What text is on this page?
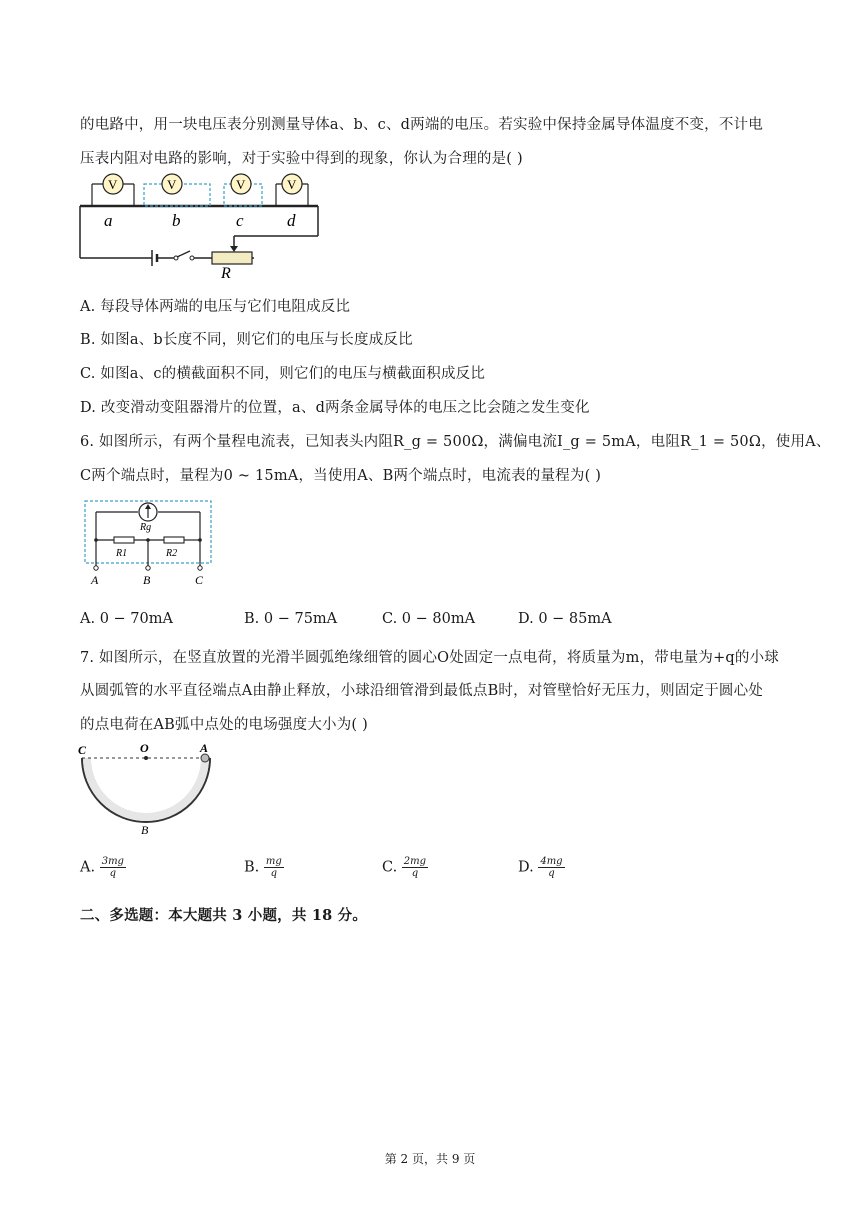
的电路中，用一块电压表分别测量导体a、b、c、d两端的电压。若实验中保持金属导体温度不变，不计电
压表内阻对电路的影响，对于实验中得到的现象，你认为合理的是( )
R
V	V	V	V
a	b	c	d
A. 每段导体两端的电压与它们电阻成反比
B. 如图a、b长度不同，则它们的电压与长度成反比
C. 如图a、c的横截面积不同，则它们的电压与横截面积成反比
D. 改变滑动变阻器滑片的位置，a、d两条金属导体的电压之比会随之发生变化
6. 如图所示，有两个量程电流表，已知表头内阻R_g = 500Ω，满偏电流I_g = 5mA，电阻R_1 = 50Ω，使用A、
C两个端点时，量程为0 ~ 15mA，当使用A、B两个端点时，电流表的量程为( )
Rg
R1	R2
A	B	C
A. 0 − 70mA	B. 0 − 75mA	C. 0 − 80mA	D. 0 − 85mA
7. 如图所示，在竖直放置的光滑半圆弧绝缘细管的圆心O处固定一点电荷，将质量为m，带电量为+q的小球
从圆弧管的水平直径端点A由静止释放，小球沿细管滑到最低点B时，对管壁恰好无压力，则固定于圆心处
的点电荷在AB弧中点处的电场强度大小为( )
C	O	A
B
A. $\frac{3mg}{q}$	B. $\frac{mg}{q}$	C. $\frac{2mg}{q}$	D. $\frac{4mg}{q}$
二、多选题：本大题共 3 小题，共 18 分。
第 2 页，共 9 页
